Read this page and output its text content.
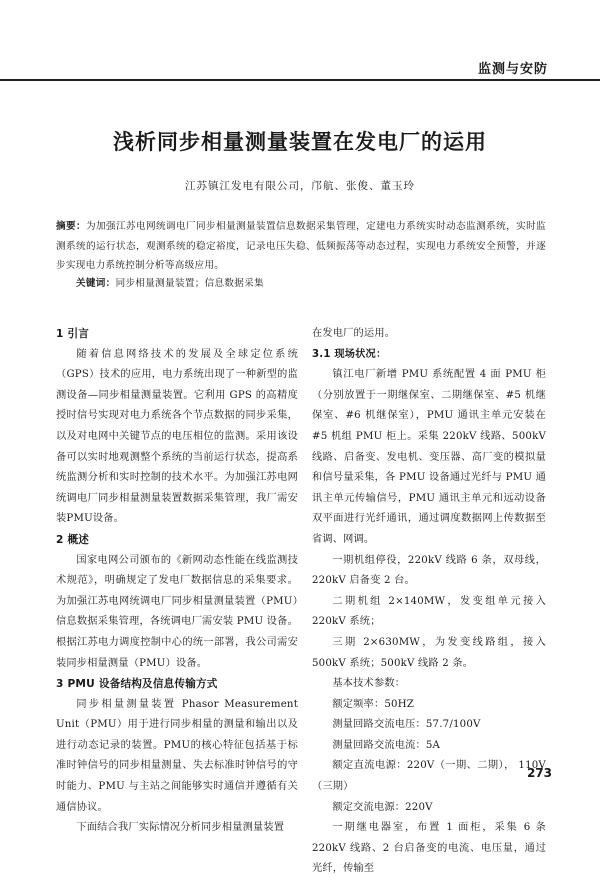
监测与安防
浅析同步相量测量装置在发电厂的运用
江苏镇江发电有限公司，邝航、张俊、董玉玲
摘要：为加强江苏电网统调电厂同步相量测量装置信息数据采集管理，定建电力系统实时动态监测系统，实时监测系统的运行状态，观测系统的稳定裕度，记录电压失稳、低频振荡等动态过程，实现电力系统安全预警，并逐步实现电力系统控制分析等高级应用。
关键词：同步相量测量装置；信息数据采集
1 引言

随着信息网络技术的发展及全球定位系统（GPS）技术的应用，电力系统出现了一种新型的监测设备—同步相量测量装置。它利用 GPS 的高精度授时信号实现对电力系统各个节点数据的同步采集，以及对电网中关键节点的电压相位的监测。采用该设备可以实时地观测整个系统的当前运行状态，提高系统监测分析和实时控制的技术水平。为加强江苏电网统调电厂同步相量测量装置数据采集管理，我厂需安装PMU设备。

2 概述

国家电网公司颁布的《新网动态性能在线监测技术规范》，明确规定了发电厂数据信息的采集要求。为加强江苏电网统调电厂同步相量测量装置（PMU）信息数据采集管理，各统调电厂需安装 PMU 设备。根据江苏电力调度控制中心的统一部署，我公司需安装同步相量测量（PMU）设备。

3 PMU 设备结构及信息传输方式

同步相量测量装置 Phasor Measurement Unit（PMU）用于进行同步相量的测量和输出以及进行动态记录的装置。PMU的核心特征包括基于标准时钟信号的同步相量测量、失去标准时钟信号的守时能力、PMU 与主站之间能够实时通信并遵循有关通信协议。

下面结合我厂实际情况分析同步相量测量装置

在发电厂的运用。

3.1 现场状况：

镇江电厂新增 PMU 系统配置 4 面 PMU 柜（分别放置于一期继保室、二期继保室、#5 机继保室、#6 机继保室），PMU 通讯主单元安装在#5 机组 PMU 柜上。采集 220kV 线路、500kV 线路、启备变、发电机、变压器、高厂变的模拟量和信号量采集，各 PMU 设备通过光纤与 PMU 通讯主单元传输信号，PMU 通讯主单元和远动设备双平面进行光纤通讯，通过调度数据网上传数据至省调、网调。

一期机组停役，220kV 线路 6 条，双母线，220kV 启备变 2 台。

二期机组 2×140MW，发变组单元接入 220kV 系统；

三期 2×630MW，为发变线路组，接入 500kV 系统；500kV 线路 2 条。

基本技术参数：

额定频率：50HZ

测量回路交流电压：57.7/100V

测量回路交流电流：5A

额定直流电源：220V（一期、二期）， 110V（三期）

额定交流电源：220V

一期继电器室，布置 1 面柜，采集 6 条 220kV 线路、2 台启备变的电流、电压量，通过光纤，传输至

273
